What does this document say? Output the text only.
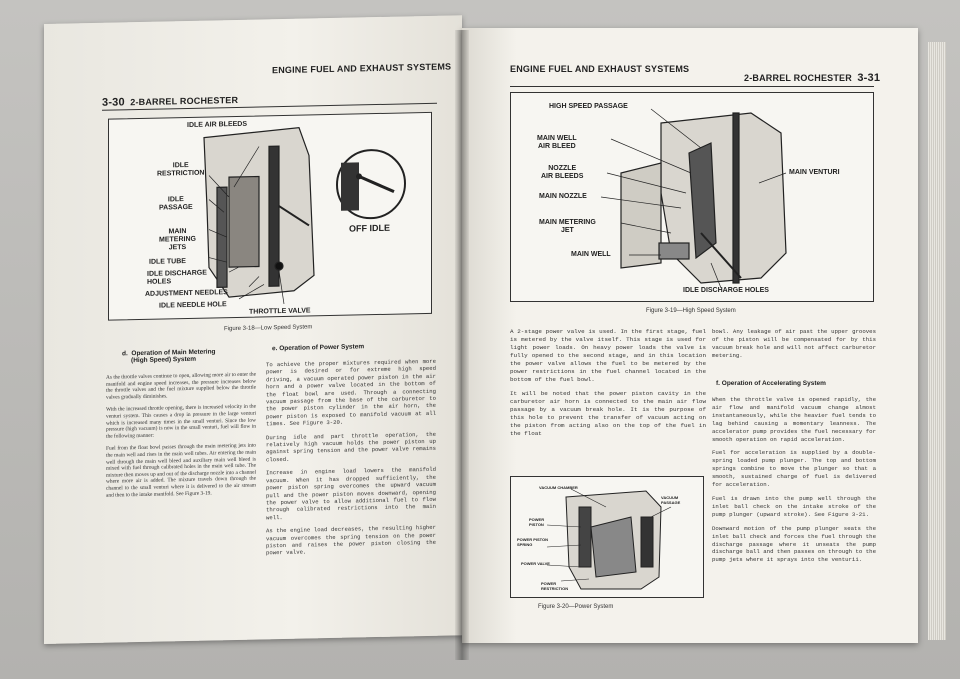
3-30 2-BARREL ROCHESTER
ENGINE FUEL AND EXHAUST SYSTEMS
IDLE AIR BLEEDS
IDLE
RESTRICTION
IDLE
PASSAGE
MAIN
METERING
JETS
IDLE TUBE
IDLE DISCHARGE
HOLES
ADJUSTMENT NEEDLES
IDLE NEEDLE HOLE
THROTTLE VALVE
OFF IDLE
Figure 3-18—Low Speed System
d.  Operation of Main Metering
(High Speed) System

As the throttle valves continue to open, allowing more air to enter the manifold and engine speed increases, the pressure increases below the throttle valves and the fuel mixture supplied below the throttle valves gradually diminishes.

With the increased throttle opening, there is increased velocity in the venturi system. This causes a drop in pressure in the large venturi which is increased many times in the small venturi. Since the low pressure (high vacuum) is now in the small venturi, fuel will flow in the following manner:

Fuel from the float bowl passes through the main metering jets into the main well and rises in the main well tubes. Air entering the main well through the main well bleed and auxiliary main well bleed is mixed with fuel through calibrated holes in the main well tube. The mixture then moves up and out of the discharge nozzle into a channel where more air is added. The mixture travels down through the channel to the small venturi where it is delivered to the air stream and then to the intake manifold. See Figure 3-19.

e. Operation of Power System

To achieve the proper mixtures required when more power is desired or for extreme high speed driving, a vacuum operated power piston in the air horn and a power valve located in the bottom of the float bowl are used. Through a connecting vacuum passage from the base of the carburetor to the power piston cylinder in the air horn, the power piston is exposed to manifold vacuum at all times. See Figure 3-20.

During idle and part throttle operation, the relatively high vacuum holds the power piston up against spring tension and the power valve remains closed.

Increase in engine load lowers the manifold vacuum. When it has dropped sufficiently, the power piston spring overcomes the upward vacuum pull and the power piston moves downward, opening the power valve to allow additional fuel to flow through calibrated restrictions into the main well.

As the engine load decreases, the resulting higher vacuum overcomes the spring tension on the power piston and raises the power piston closing the power valve.

ENGINE FUEL AND EXHAUST SYSTEMS
2-BARREL ROCHESTER 3-31
HIGH SPEED PASSAGE
MAIN WELL
AIR BLEED
NOZZLE
AIR BLEEDS
MAIN NOZZLE
MAIN METERING
JET
MAIN WELL
MAIN VENTURI
IDLE DISCHARGE HOLES
Figure 3-19—High Speed System

A 2-stage power valve is used. In the first stage, fuel is metered by the valve itself. This stage is used for light power loads. On heavy power loads the valve is fully opened to the second stage, and in this location the power valve allows the fuel to be metered by the power restrictions in the fuel channel located in the bottom of the fuel bowl.

It will be noted that the power piston cavity in the carburetor air horn is connected to the main air flow passage by a vacuum break hole. It is the purpose of this hole to prevent the transfer of vacuum acting on the piston from acting also on the top of the fuel in the float

VACUUM CHAMBER
POWER
PISTON
POWER PISTON
SPRING
POWER VALVE
POWER
RESTRICTION
VACUUM
PASSAGE
Figure 3-20—Power System
bowl. Any leakage of air past the upper grooves of the piston will be compensated for by this vacuum break hole and will not affect carburetor metering.
f. Operation of Accelerating System

When the throttle valve is opened rapidly, the air flow and manifold vacuum change almost instantaneously, while the heavier fuel tends to lag behind causing a momentary leanness. The accelerator pump provides the fuel necessary for smooth operation on rapid acceleration.

Fuel for acceleration is supplied by a double-spring loaded pump plunger. The top and bottom springs combine to move the plunger so that a smooth, sustained charge of fuel is delivered for acceleration.

Fuel is drawn into the pump well through the inlet ball check on the intake stroke of the pump plunger (upward stroke). See Figure 3-21.

Downward motion of the pump plunger seats the inlet ball check and forces the fuel through the discharge passage where it unseats the pump discharge ball and then passes on through to the pump jets where it sprays into the venturii.
